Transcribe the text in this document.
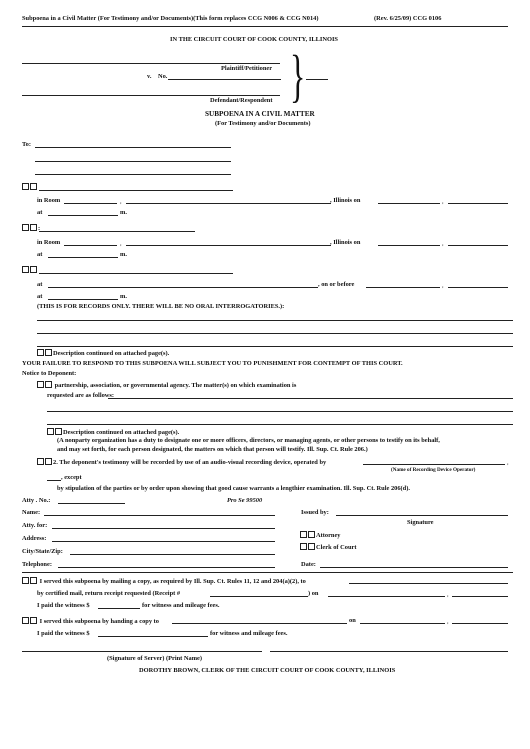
Subpoena in a Civil Matter (For Testimony and/or Documents)(This form replaces CCG N006 & CCG N014)	(Rev. 6/25/09) CCG 0106
IN THE CIRCUIT COURT OF COOK COUNTY, ILLINOIS
Plaintiff/Petitioner
v. No.
Defendant/Respondent }
SUBPOENA IN A CIVIL MATTER
(For Testimony and/or Documents)
To:
in Room	,	, Illinois on	,
at	m.
:
in Room	,	, Illinois on	,
at	m.
at	, on or before	,
at	m.
(THIS IS FOR RECORDS ONLY. THERE WILL BE NO ORAL INTERROGATORIES.):
Description continued on attached page(s).
YOUR FAILURE TO RESPOND TO THIS SUBPOENA WILL SUBJECT YOU TO PUNISHMENT FOR CONTEMPT OF THIS COURT.
Notice to Deponent:
partnership, association, or governmental agency. The matter(s) on which examination is
requested are as follows:
Description continued on attached page(s).
(A nonparty organization has a duty to designate one or more officers, directors, or managing agents, or other persons to testify on its behalf,
and may set forth, for each person designated, the matters on which that person will testify. Ill. Sup. Ct. Rule 206.)
2. The deponent's testimony will be recorded by use of an audio-visual recording device, operated by	,
(Name of Recording Device Operator)
, except
by stipulation of the parties or by order upon showing that good cause warrants a lengthier examination. Ill. Sup. Ct. Rule 206(d).
Atty . No.:	Pro Se 99500
Name:
Atty. for:
Address:
City/State/Zip:
Telephone:
Issued by:
Signature
Attorney
Clerk of Court
Date:
I served this subpoena by mailing a copy, as required by Ill. Sup. Ct. Rules 11, 12 and 204(a)(2), to
by certified mail, return receipt requested (Receipt #	) on	,
I paid the witness $	for witness and mileage fees.
I served this subpoena by handing a copy to	on	,
I paid the witness $	for witness and mileage fees.
(Signature of Server) (Print Name)
DOROTHY BROWN, CLERK OF THE CIRCUIT COURT OF COOK COUNTY, ILLINOIS
